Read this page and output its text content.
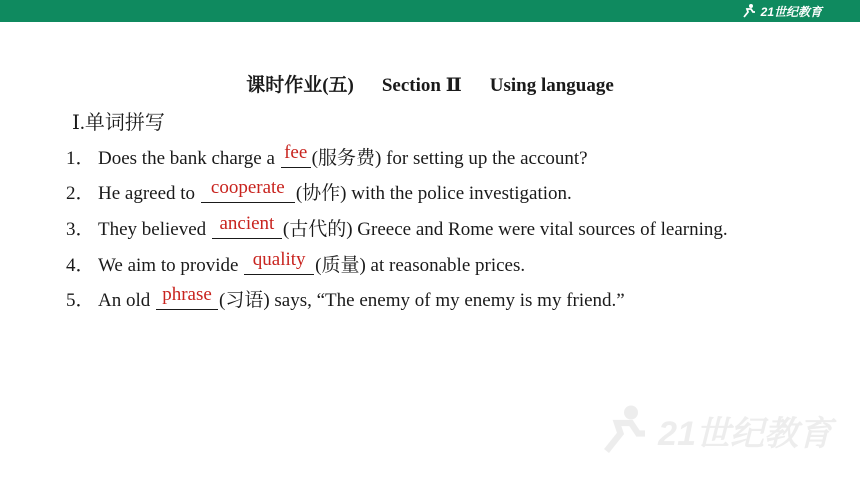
21世纪教育
课时作业(五) Section Ⅱ Using language
Ⅰ.单词拼写
1． Does the bank charge a fee (服务费) for setting up the account?
2． He agreed to cooperate (协作) with the police investigation.
3． They believed ancient (古代的) Greece and Rome were vital sources of learning.
4． We aim to provide quality (质量) at reasonable prices.
5． An old phrase (习语) says, “The enemy of my enemy is my friend.”
21世纪教育
